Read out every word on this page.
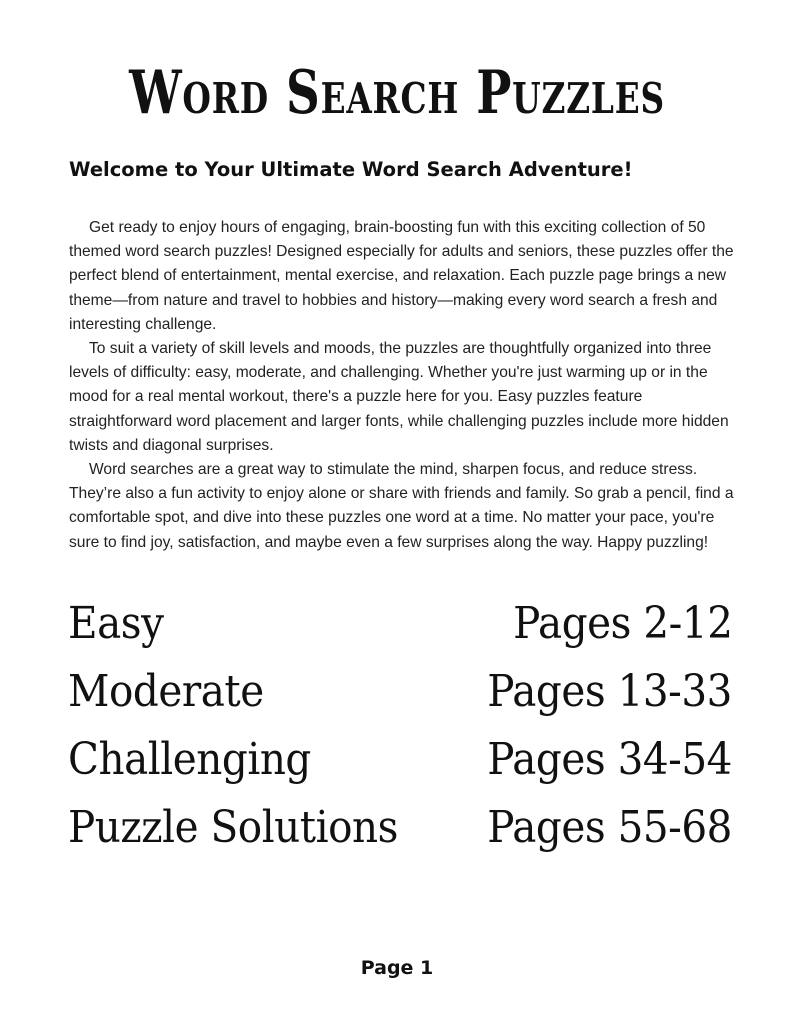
Word Search Puzzles
Welcome to Your Ultimate Word Search Adventure!

Get ready to enjoy hours of engaging, brain-boosting fun with this exciting collection of 50 themed word search puzzles! Designed especially for adults and seniors, these puzzles offer the perfect blend of entertainment, mental exercise, and relaxation. Each puzzle page brings a new theme—from nature and travel to hobbies and history—making every word search a fresh and interesting challenge.

To suit a variety of skill levels and moods, the puzzles are thoughtfully organized into three levels of difficulty: easy, moderate, and challenging. Whether you're just warming up or in the mood for a real mental workout, there's a puzzle here for you. Easy puzzles feature straightforward word placement and larger fonts, while challenging puzzles include more hidden twists and diagonal surprises.

Word searches are a great way to stimulate the mind, sharpen focus, and reduce stress. They’re also a fun activity to enjoy alone or share with friends and family. So grab a pencil, find a comfortable spot, and dive into these puzzles one word at a time. No matter your pace, you're sure to find joy, satisfaction, and maybe even a few surprises along the way. Happy puzzling!

Easy	Pages 2-12
Moderate	Pages 13-33
Challenging	Pages 34-54
Puzzle Solutions Pages 55-68
Page 1
